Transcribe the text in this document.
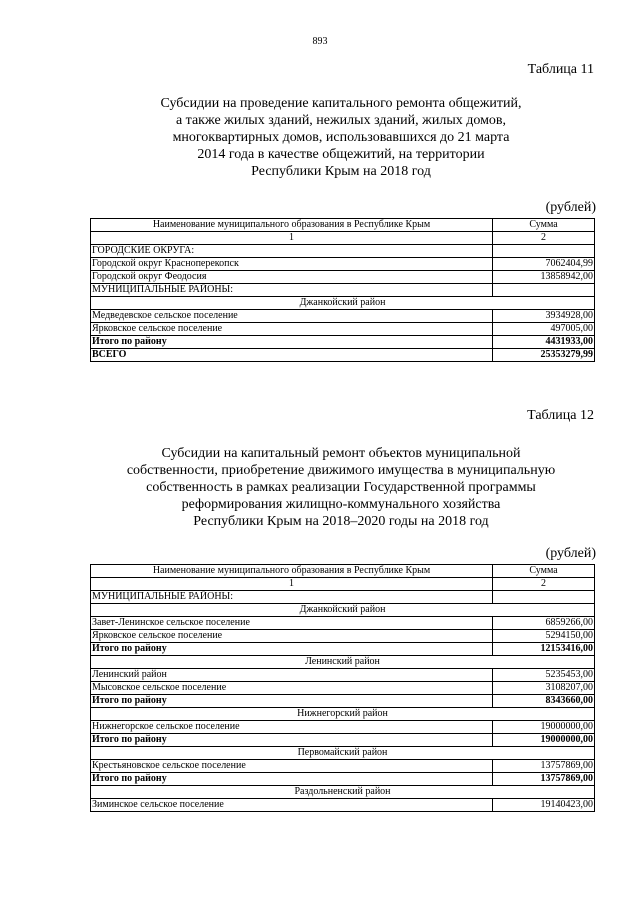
893
Таблица 11
Субсидии на проведение капитального ремонта общежитий,
а также жилых зданий, нежилых зданий, жилых домов,
многоквартирных домов, использовавшихся до 21 марта
2014 года в качестве общежитий, на территории
Республики Крым на 2018 год
(рублей)
Наименование муниципального образования в Республике Крым	Сумма
1	2
ГОРОДСКИЕ ОКРУГА:	
Городской округ Красноперекопск	7062404,99
Городской округ Феодосия	13858942,00
МУНИЦИПАЛЬНЫЕ РАЙОНЫ:	
Джанкойский район	
Медведевское сельское поселение	3934928,00
Ярковское сельское поселение	497005,00
Итого по району	4431933,00
ВСЕГО	25353279,99
Таблица 12
Субсидии на капитальный ремонт объектов муниципальной
собственности, приобретение движимого имущества в муниципальную
собственность в рамках реализации Государственной программы
реформирования жилищно-коммунального хозяйства
Республики Крым на 2018–2020 годы на 2018 год
(рублей)
Наименование муниципального образования в Республике Крым	Сумма
1	2
МУНИЦИПАЛЬНЫЕ РАЙОНЫ:	
Джанкойский район	
Завет-Ленинское сельское поселение	6859266,00
Ярковское сельское поселение	5294150,00
Итого по району	12153416,00
Ленинский район	
Ленинский район	5235453,00
Мысовское сельское поселение	3108207,00
Итого по району	8343660,00
Нижнегорский район	
Нижнегорское сельское поселение	19000000,00
Итого по району	19000000,00
Первомайский район	
Крестьяновское сельское поселение	13757869,00
Итого по району	13757869,00
Раздольненский район	
Зиминское сельское поселение	19140423,00
